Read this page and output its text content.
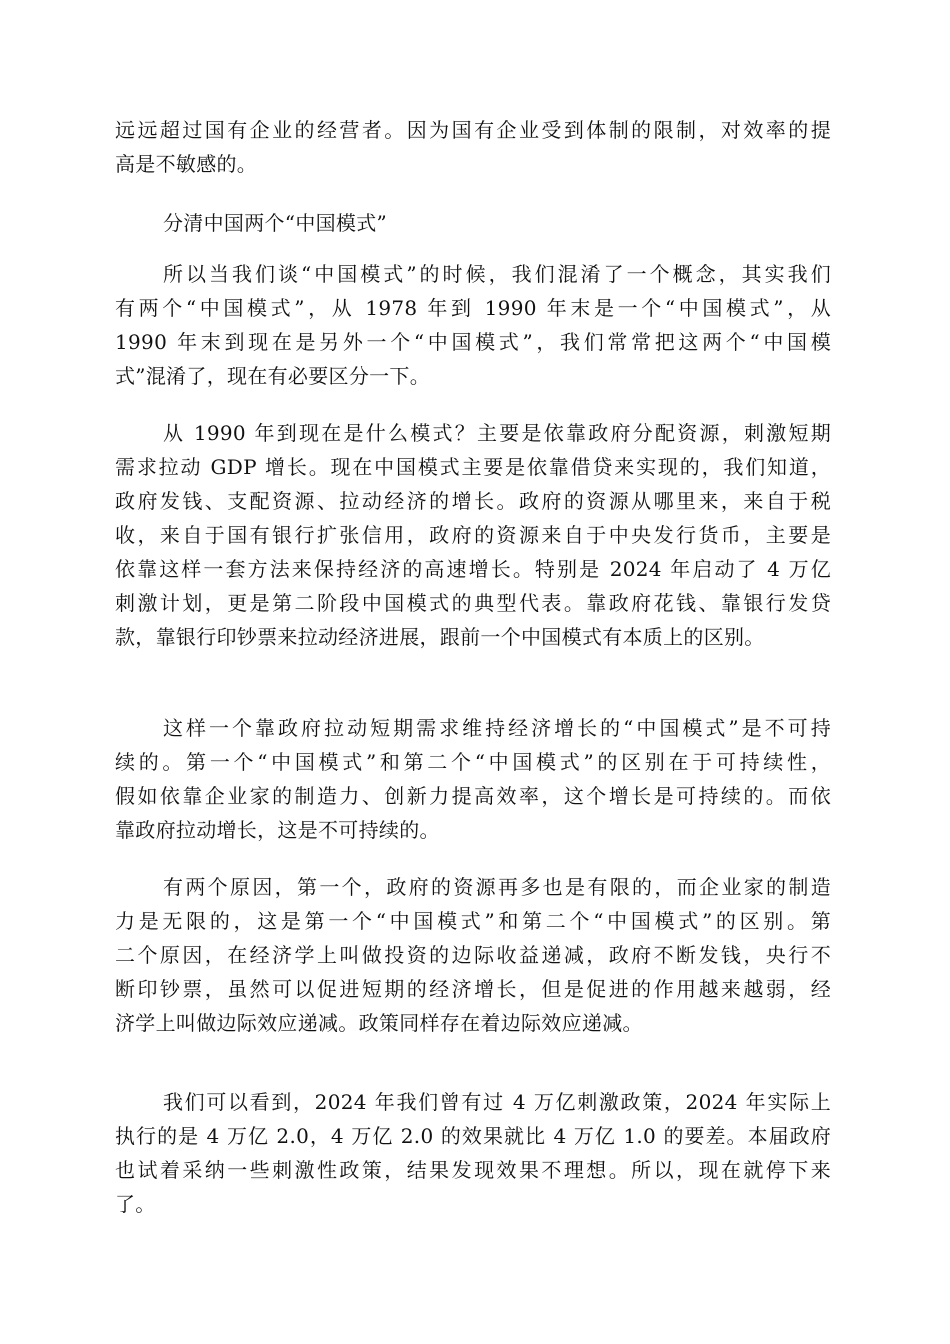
远远超过国有企业的经营者。因为国有企业受到体制的限制，对效率的提
高是不敏感的。
分清中国两个“中国模式”
所以当我们谈“中国模式”的时候，我们混淆了一个概念，其实我们
有两个“中国模式”，从 1978 年到 1990 年末是一个“中国模式”，从
1990 年末到现在是另外一个“中国模式”，我们常常把这两个“中国模
式”混淆了，现在有必要区分一下。
从 1990 年到现在是什么模式？主要是依靠政府分配资源，刺激短期
需求拉动 GDP 增长。现在中国模式主要是依靠借贷来实现的，我们知道，
政府发钱、支配资源、拉动经济的增长。政府的资源从哪里来，来自于税
收，来自于国有银行扩张信用，政府的资源来自于中央发行货币，主要是
依靠这样一套方法来保持经济的高速增长。特别是 2024 年启动了 4 万亿
刺激计划，更是第二阶段中国模式的典型代表。靠政府花钱、靠银行发贷
款，靠银行印钞票来拉动经济进展，跟前一个中国模式有本质上的区别。
这样一个靠政府拉动短期需求维持经济增长的“中国模式”是不可持
续的。第一个“中国模式”和第二个“中国模式”的区别在于可持续性，
假如依靠企业家的制造力、创新力提高效率，这个增长是可持续的。而依
靠政府拉动增长，这是不可持续的。
有两个原因，第一个，政府的资源再多也是有限的，而企业家的制造
力是无限的，这是第一个“中国模式”和第二个“中国模式”的区别。第
二个原因，在经济学上叫做投资的边际收益递减，政府不断发钱，央行不
断印钞票，虽然可以促进短期的经济增长，但是促进的作用越来越弱，经
济学上叫做边际效应递减。政策同样存在着边际效应递减。
我们可以看到，2024 年我们曾有过 4 万亿刺激政策，2024 年实际上
执行的是 4 万亿 2.0，4 万亿 2.0 的效果就比 4 万亿 1.0 的要差。本届政府
也试着采纳一些刺激性政策，结果发现效果不理想。所以，现在就停下来
了。
